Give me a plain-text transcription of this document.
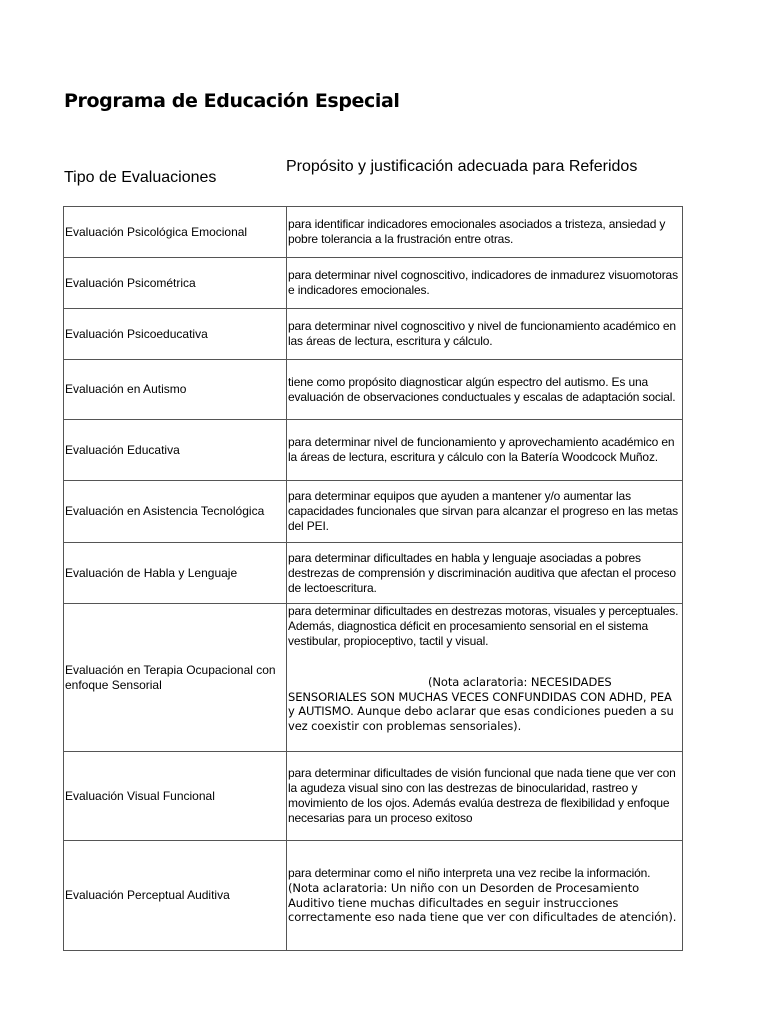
Programa de Educación Especial
Tipo de Evaluaciones
Propósito y justificación adecuada para Referidos
Evaluación Psicológica Emocional	para identificar indicadores emocionales asociados a tristeza, ansiedad y pobre tolerancia a la frustración entre otras.

Evaluación Psicométrica	para determinar nivel cognoscitivo, indicadores de inmadurez visuomotoras e indicadores emocionales.

Evaluación Psicoeducativa	para determinar nivel cognoscitivo y nivel de funcionamiento académico en las áreas de lectura, escritura y cálculo.

Evaluación en Autismo	tiene como propósito diagnosticar algún espectro del autismo. Es una evaluación de observaciones conductuales y escalas de adaptación social.

Evaluación Educativa	para determinar nivel de funcionamiento y aprovechamiento académico en la áreas de lectura, escritura y cálculo con la Batería Woodcock Muñoz.

Evaluación en Asistencia Tecnológica	para determinar equipos que ayuden a mantener y/o aumentar las capacidades funcionales que sirvan para alcanzar el progreso en las metas del PEI.

Evaluación de Habla y Lenguaje	para determinar dificultades en habla y lenguaje asociadas a pobres destrezas de comprensión y discriminación auditiva que afectan el proceso de lectoescritura.

Evaluación en Terapia Ocupacional con enfoque Sensorial	para determinar dificultades en destrezas motoras, visuales y perceptuales. Además, diagnostica déficit en procesamiento sensorial en el sistema vestibular, propioceptivo, tactil y visual.
(Nota aclaratoria: NECESIDADES SENSORIALES SON MUCHAS VECES CONFUNDIDAS CON ADHD, PEA y AUTISMO. Aunque debo aclarar que esas condiciones pueden a su vez coexistir con problemas sensoriales).

Evaluación Visual Funcional	para determinar dificultades de visión funcional que nada tiene que ver con la agudeza visual sino con las destrezas de binocularidad, rastreo y movimiento de los ojos. Además evalúa destreza de flexibilidad y enfoque necesarias para un proceso exitoso

Evaluación Perceptual Auditiva	para determinar como el niño interpreta una vez recibe la información.
(Nota aclaratoria: Un niño con un Desorden de Procesamiento Auditivo tiene muchas dificultades en seguir instrucciones correctamente eso nada tiene que ver con dificultades de atención).
